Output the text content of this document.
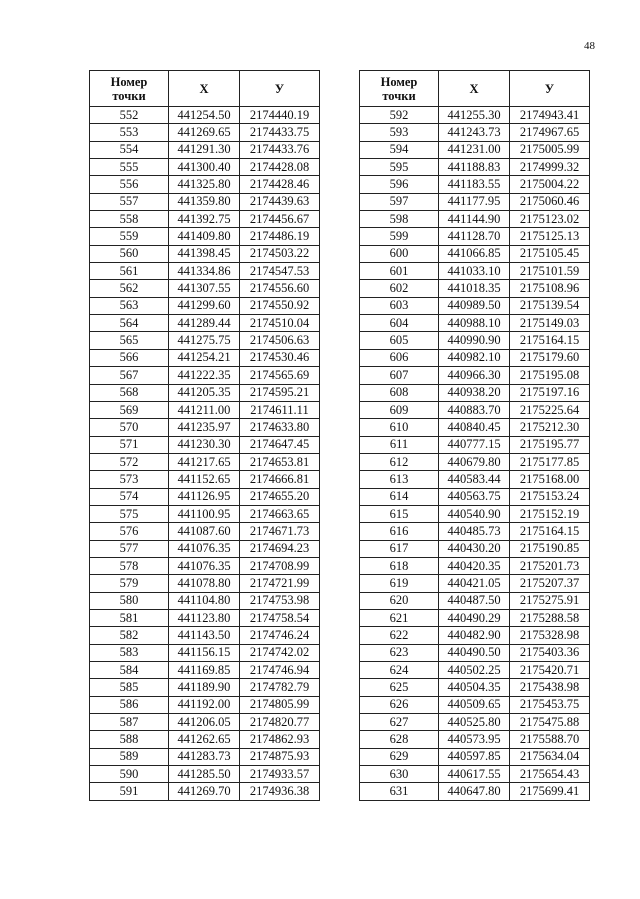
48
Номер
точки	Х	У
552	441254.50	2174440.19
553	441269.65	2174433.75
554	441291.30	2174433.76
555	441300.40	2174428.08
556	441325.80	2174428.46
557	441359.80	2174439.63
558	441392.75	2174456.67
559	441409.80	2174486.19
560	441398.45	2174503.22
561	441334.86	2174547.53
562	441307.55	2174556.60
563	441299.60	2174550.92
564	441289.44	2174510.04
565	441275.75	2174506.63
566	441254.21	2174530.46
567	441222.35	2174565.69
568	441205.35	2174595.21
569	441211.00	2174611.11
570	441235.97	2174633.80
571	441230.30	2174647.45
572	441217.65	2174653.81
573	441152.65	2174666.81
574	441126.95	2174655.20
575	441100.95	2174663.65
576	441087.60	2174671.73
577	441076.35	2174694.23
578	441076.35	2174708.99
579	441078.80	2174721.99
580	441104.80	2174753.98
581	441123.80	2174758.54
582	441143.50	2174746.24
583	441156.15	2174742.02
584	441169.85	2174746.94
585	441189.90	2174782.79
586	441192.00	2174805.99
587	441206.05	2174820.77
588	441262.65	2174862.93
589	441283.73	2174875.93
590	441285.50	2174933.57
591	441269.70	2174936.38
Номер
точки	Х	У
592	441255.30	2174943.41
593	441243.73	2174967.65
594	441231.00	2175005.99
595	441188.83	2174999.32
596	441183.55	2175004.22
597	441177.95	2175060.46
598	441144.90	2175123.02
599	441128.70	2175125.13
600	441066.85	2175105.45
601	441033.10	2175101.59
602	441018.35	2175108.96
603	440989.50	2175139.54
604	440988.10	2175149.03
605	440990.90	2175164.15
606	440982.10	2175179.60
607	440966.30	2175195.08
608	440938.20	2175197.16
609	440883.70	2175225.64
610	440840.45	2175212.30
611	440777.15	2175195.77
612	440679.80	2175177.85
613	440583.44	2175168.00
614	440563.75	2175153.24
615	440540.90	2175152.19
616	440485.73	2175164.15
617	440430.20	2175190.85
618	440420.35	2175201.73
619	440421.05	2175207.37
620	440487.50	2175275.91
621	440490.29	2175288.58
622	440482.90	2175328.98
623	440490.50	2175403.36
624	440502.25	2175420.71
625	440504.35	2175438.98
626	440509.65	2175453.75
627	440525.80	2175475.88
628	440573.95	2175588.70
629	440597.85	2175634.04
630	440617.55	2175654.43
631	440647.80	2175699.41
